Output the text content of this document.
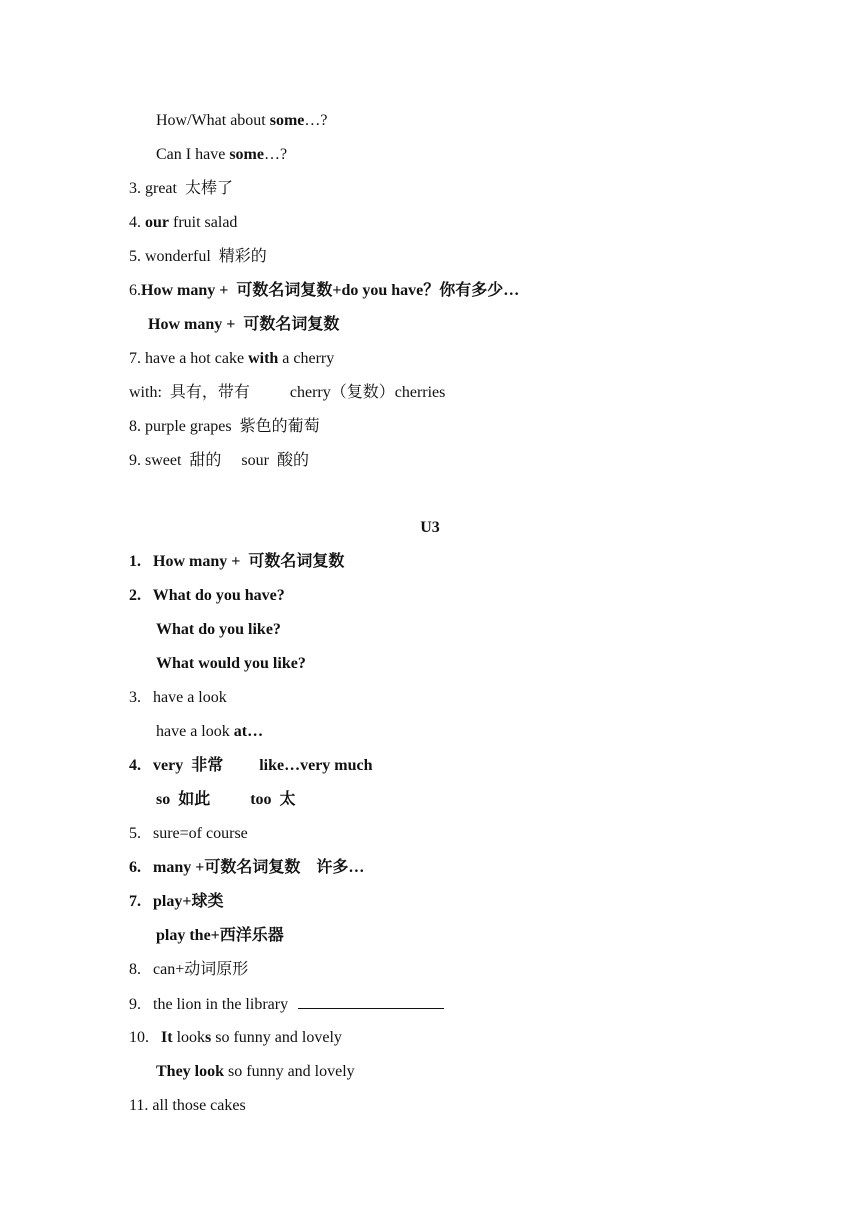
How/What about some…?
Can I have some…?
3. great  太棒了
4. our fruit salad
5. wonderful  精彩的
6.How many +  可数名词复数+do you have？你有多少…
How many +  可数名词复数
7. have a hot cake with a cherry
with:  具有，带有          cherry（复数）cherries
8. purple grapes  紫色的葡萄
9. sweet  甜的     sour  酸的
U3
1.   How many +  可数名词复数
2.   What do you have?
What do you like?
What would you like?
3.   have a look
have a look at…
4.   very  非常         like…very much
so  如此          too  太
5.   sure=of course
6.   many +可数名词复数    许多…
7.   play+球类
play the+西洋乐器
8.   can+动词原形
9.   the lion in the library
10.   It looks so funny and lovely
They look so funny and lovely
11. all those cakes
